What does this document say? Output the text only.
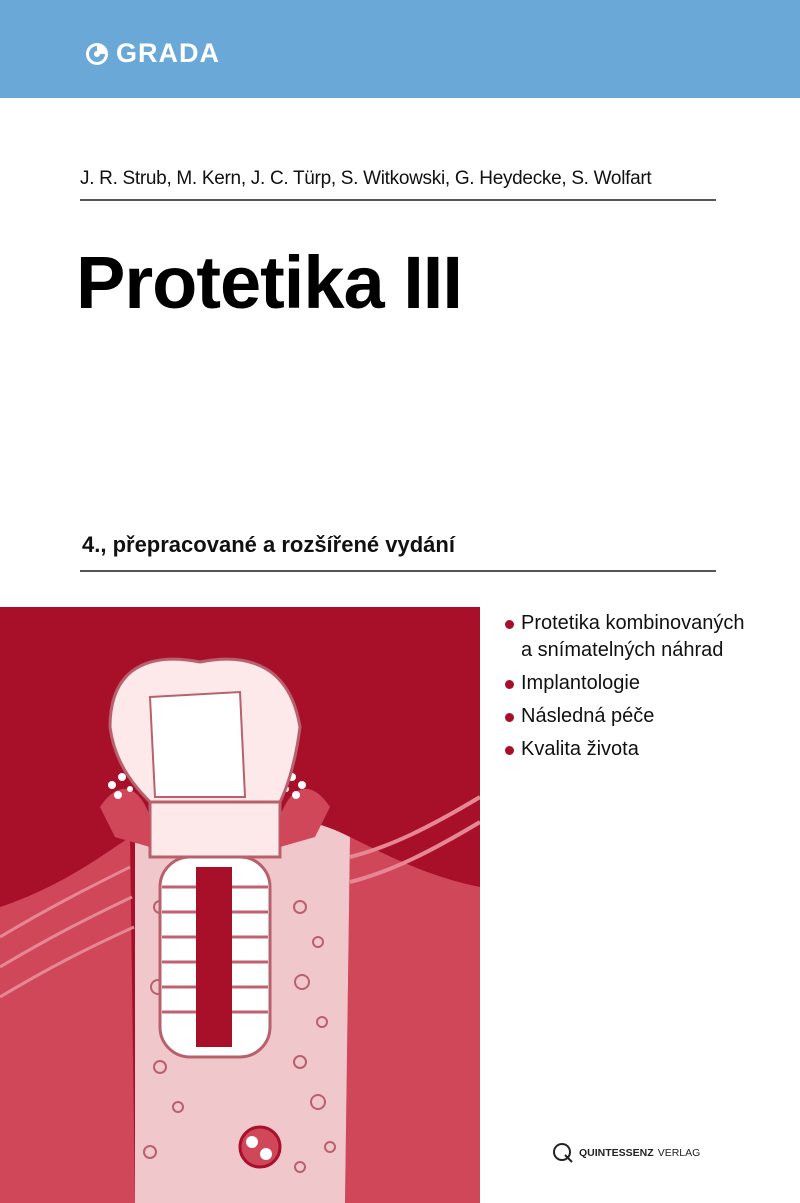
GRADA
J. R. Strub, M. Kern, J. C. Türp, S. Witkowski, G. Heydecke, S. Wolfart
Protetika III
4., přepracované a rozšířené vydání
Protetika kombinovaných
a snímatelných náhrad
Implantologie
Následná péče
Kvalita života
QUINTESSENZ VERLAG
